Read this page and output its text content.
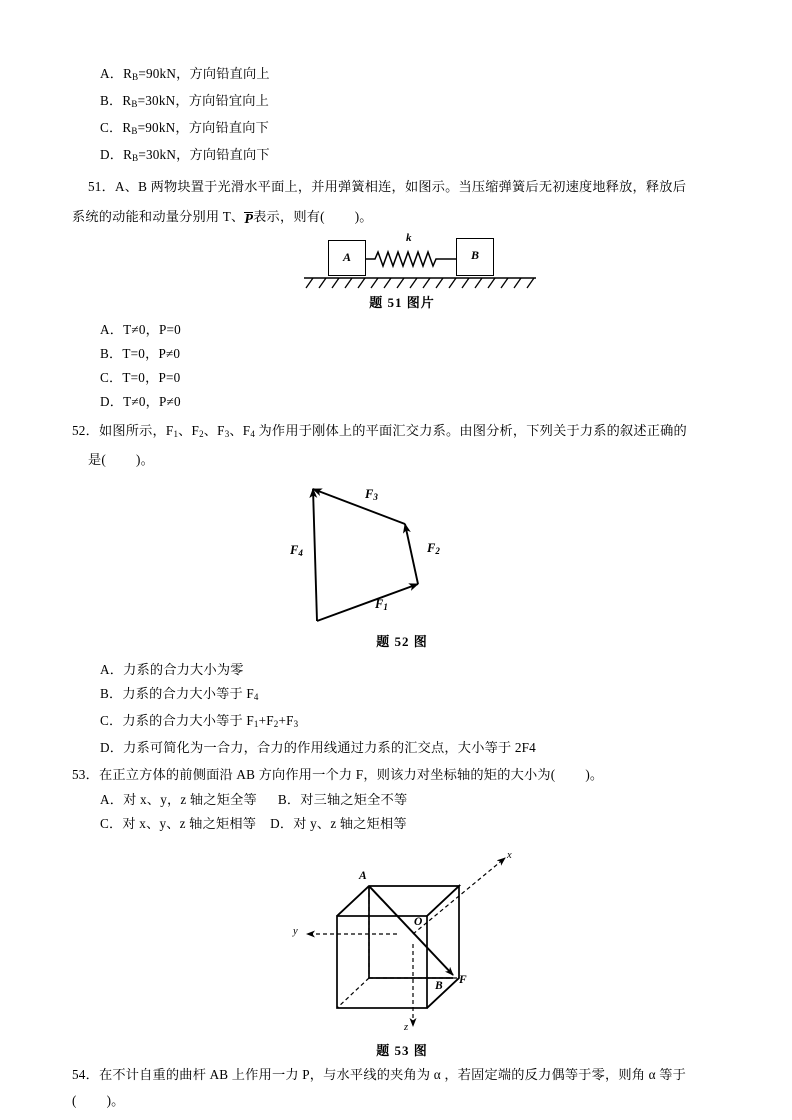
A．$R_B=90kN$，方向铅直向上
B．$R_B=30kN$，方向铅宜向上
C．$R_B=90kN$，方向铅直向下
D．$R_B=30kN$，方向铅直向下
51．A、B 两物块置于光滑水平面上，并用弹簧相连，如图示。当压缩弹簧后无初速度地释放，释放后
系统的动能和动量分别用 T、P表示，则有( )。
A	B
k
题 51 图片
A．T≠0，P=0
B．T=0，P≠0
C．T=0，P=0
D．T≠0，P≠0
52．如图所示，$F_1$、$F_2$、$F_3$、$F_4$ 为作用于刚体上的平面汇交力系。由图分析，下列关于力系的叙述正确的
是( )。
$F_1$
$F_2$
$F_3$
$F_4$
题 52 图
A．力系的合力大小为零
B．力系的合力大小等于 $F_4$
C．力系的合力大小等于 $F_1+F_2+F_3$
D．力系可简化为一合力，合力的作用线通过力系的汇交点，大小等于 2F4
53．在正立方体的前侧面沿 AB 方向作用一个力 F，则该力对坐标轴的矩的大小为( )。
A．对 x、y，z 轴之矩全等 B．对三轴之矩全不等
C．对 x、y、z 轴之矩相等 D．对 y、z 轴之矩相等
A
O
B F
x
y
z
题 53 图
54．在不计自重的曲杆 AB 上作用一力 P，与水平线的夹角为 α ，若固定端的反力偶等于零，则角 α 等于
( )。
